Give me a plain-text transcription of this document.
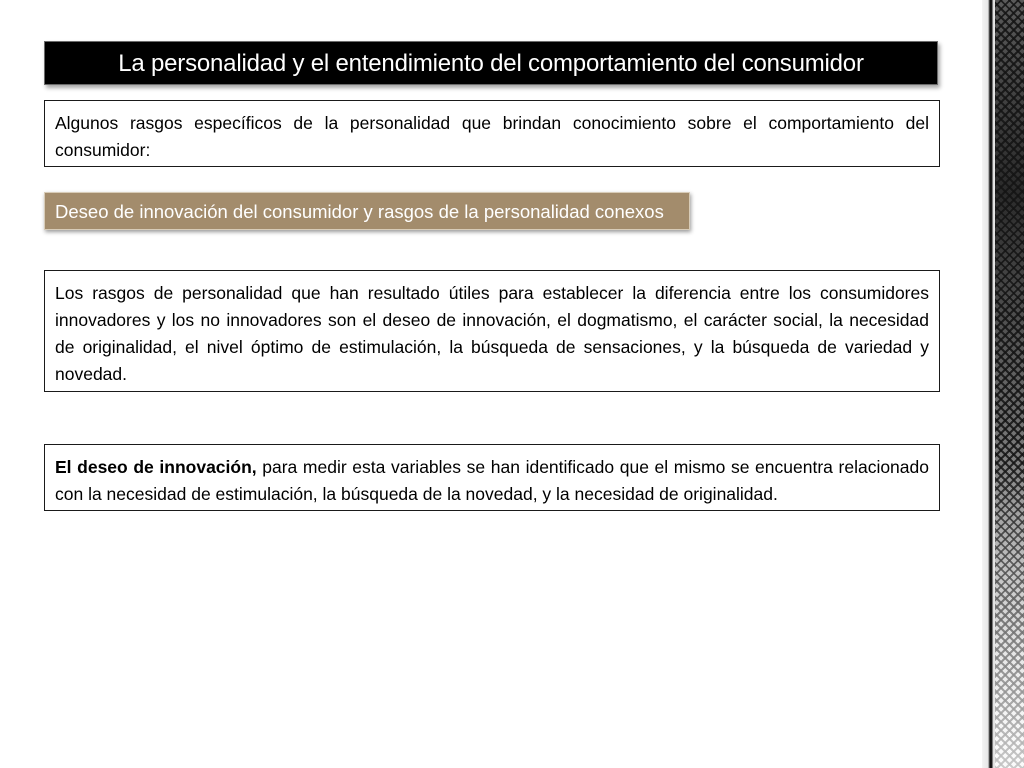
La personalidad y el entendimiento del comportamiento del consumidor
Algunos rasgos específicos de la personalidad que brindan conocimiento sobre el comportamiento del consumidor:
Deseo de innovación del consumidor y rasgos de la personalidad conexos
Los rasgos de personalidad que han resultado útiles para establecer la diferencia entre los consumidores innovadores y los no innovadores son el deseo de innovación, el dogmatismo, el carácter social, la necesidad de originalidad, el nivel óptimo de estimulación, la búsqueda de sensaciones, y la búsqueda de variedad y novedad.
El deseo de innovación, para medir esta variables se han identificado que el mismo se encuentra relacionado con la necesidad de estimulación, la búsqueda de la novedad, y la necesidad de originalidad.
